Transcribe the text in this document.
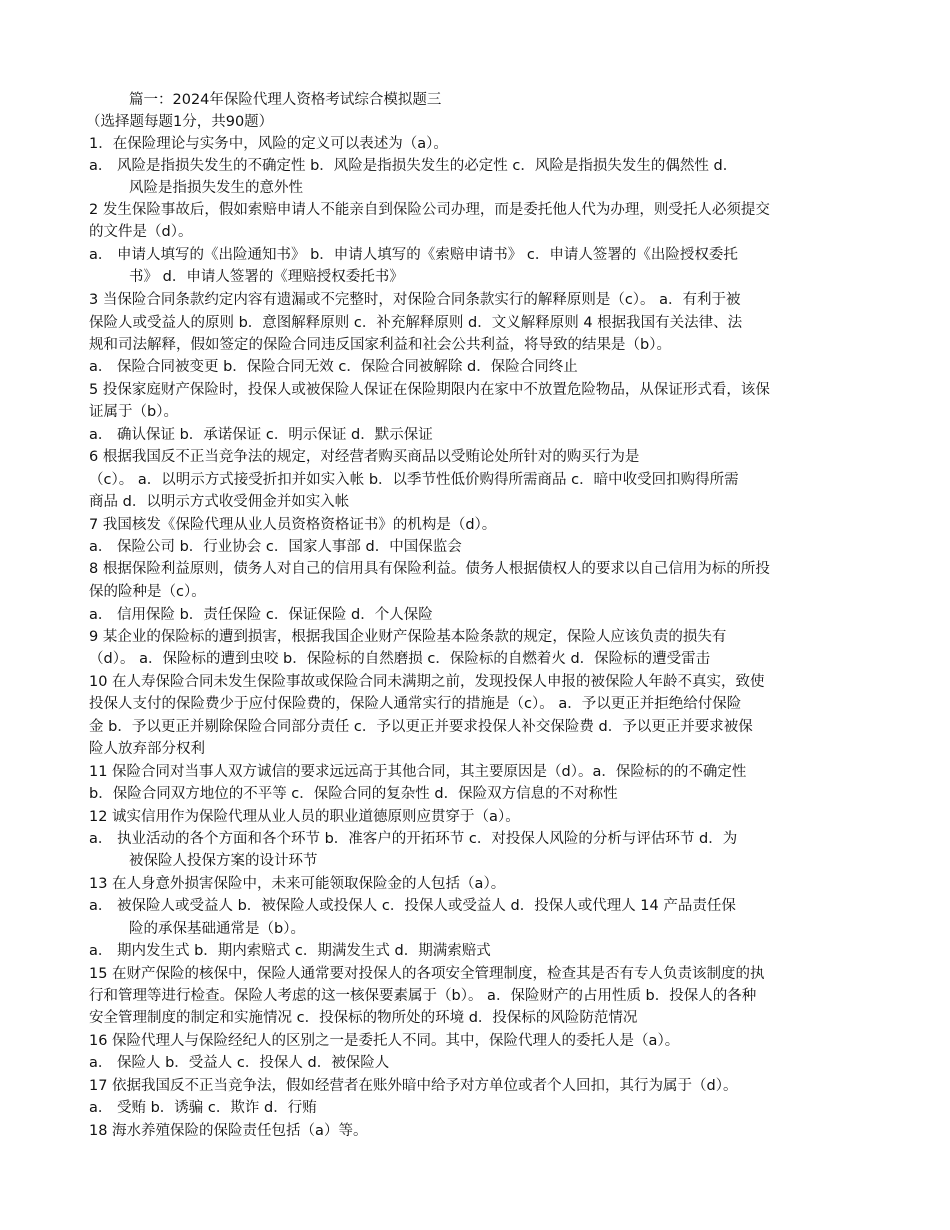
篇一：2024年保险代理人资格考试综合模拟题三
（选择题每题1分，共90题）
1．在保险理论与实务中，风险的定义可以表述为（a）。
a． 风险是指损失发生的不确定性 b．风险是指损失发生的必定性 c．风险是指损失发生的偶然性 d．
风险是指损失发生的意外性
2 发生保险事故后，假如索赔申请人不能亲自到保险公司办理，而是委托他人代为办理，则受托人必须提交
的文件是（d）。
a． 申请人填写的《出险通知书》 b．申请人填写的《索赔申请书》 c．申请人签署的《出险授权委托
书》 d．申请人签署的《理赔授权委托书》
3 当保险合同条款约定内容有遗漏或不完整时，对保险合同条款实行的解释原则是（c）。 a．有利于被
保险人或受益人的原则 b．意图解释原则 c．补充解释原则 d．文义解释原则 4 根据我国有关法律、法
规和司法解释，假如签定的保险合同违反国家利益和社会公共利益，将导致的结果是（b）。
a． 保险合同被变更 b．保险合同无效 c．保险合同被解除 d．保险合同终止
5 投保家庭财产保险时，投保人或被保险人保证在保险期限内在家中不放置危险物品，从保证形式看，该保
证属于（b）。
a． 确认保证 b．承诺保证 c．明示保证 d．默示保证
6 根据我国反不正当竞争法的规定，对经营者购买商品以受贿论处所针对的购买行为是
（c）。 a．以明示方式接受折扣并如实入帐 b．以季节性低价购得所需商品 c．暗中收受回扣购得所需
商品 d．以明示方式收受佣金并如实入帐
7 我国核发《保险代理从业人员资格资格证书》的机构是（d）。
a． 保险公司 b．行业协会 c．国家人事部 d．中国保监会
8 根据保险利益原则，债务人对自己的信用具有保险利益。债务人根据债权人的要求以自己信用为标的所投
保的险种是（c）。
a． 信用保险 b．责任保险 c．保证保险 d．个人保险
9 某企业的保险标的遭到损害，根据我国企业财产保险基本险条款的规定，保险人应该负责的损失有
（d）。 a．保险标的遭到虫咬 b．保险标的自然磨损 c．保险标的自燃着火 d．保险标的遭受雷击
10 在人寿保险合同未发生保险事故或保险合同未满期之前，发现投保人申报的被保险人年龄不真实，致使
投保人支付的保险费少于应付保险费的，保险人通常实行的措施是（c）。 a．予以更正并拒绝给付保险
金 b．予以更正并剔除保险合同部分责任 c．予以更正并要求投保人补交保险费 d．予以更正并要求被保
险人放弃部分权利
11 保险合同对当事人双方诚信的要求远远高于其他合同，其主要原因是（d）。a．保险标的的不确定性
b．保险合同双方地位的不平等 c．保险合同的复杂性 d．保险双方信息的不对称性
12 诚实信用作为保险代理从业人员的职业道德原则应贯穿于（a）。
a． 执业活动的各个方面和各个环节 b．准客户的开拓环节 c．对投保人风险的分析与评估环节 d．为
被保险人投保方案的设计环节
13 在人身意外损害保险中，未来可能领取保险金的人包括（a）。
a． 被保险人或受益人 b．被保险人或投保人 c．投保人或受益人 d．投保人或代理人 14 产品责任保
险的承保基础通常是（b）。
a． 期内发生式 b．期内索赔式 c．期满发生式 d．期满索赔式
15 在财产保险的核保中，保险人通常要对投保人的各项安全管理制度，检查其是否有专人负责该制度的执
行和管理等进行检查。保险人考虑的这一核保要素属于（b）。 a．保险财产的占用性质 b．投保人的各种
安全管理制度的制定和实施情况 c．投保标的物所处的环境 d．投保标的风险防范情况
16 保险代理人与保险经纪人的区别之一是委托人不同。其中，保险代理人的委托人是（a）。
a． 保险人 b．受益人 c．投保人 d．被保险人
17 依据我国反不正当竞争法，假如经营者在账外暗中给予对方单位或者个人回扣，其行为属于（d）。
a． 受贿 b．诱骗 c．欺诈 d．行贿
18 海水养殖保险的保险责任包括（a）等。
